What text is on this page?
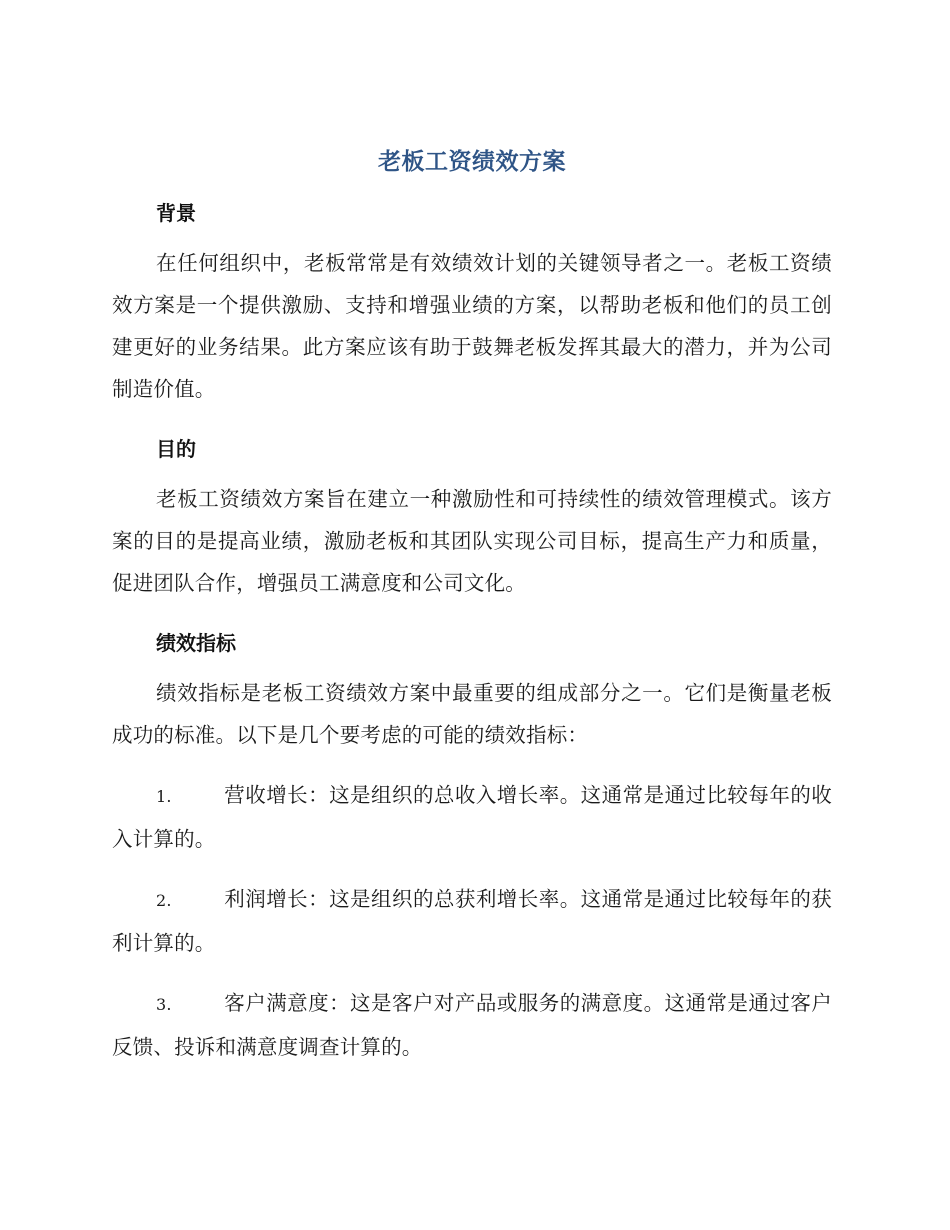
老板工资绩效方案
背景

在任何组织中，老板常常是有效绩效计划的关键领导者之一。老板工资绩效方案是一个提供激励、支持和增强业绩的方案，以帮助老板和他们的员工创建更好的业务结果。此方案应该有助于鼓舞老板发挥其最大的潜力，并为公司制造价值。

目的

老板工资绩效方案旨在建立一种激励性和可持续性的绩效管理模式。该方案的目的是提高业绩，激励老板和其团队实现公司目标，提高生产力和质量，促进团队合作，增强员工满意度和公司文化。

绩效指标

绩效指标是老板工资绩效方案中最重要的组成部分之一。它们是衡量老板成功的标准。以下是几个要考虑的可能的绩效指标：

1.	营收增长：这是组织的总收入增长率。这通常是通过比较每年的收入计算的。

2.	利润增长：这是组织的总获利增长率。这通常是通过比较每年的获利计算的。

3.	客户满意度：这是客户对产品或服务的满意度。这通常是通过客户反馈、投诉和满意度调查计算的。
